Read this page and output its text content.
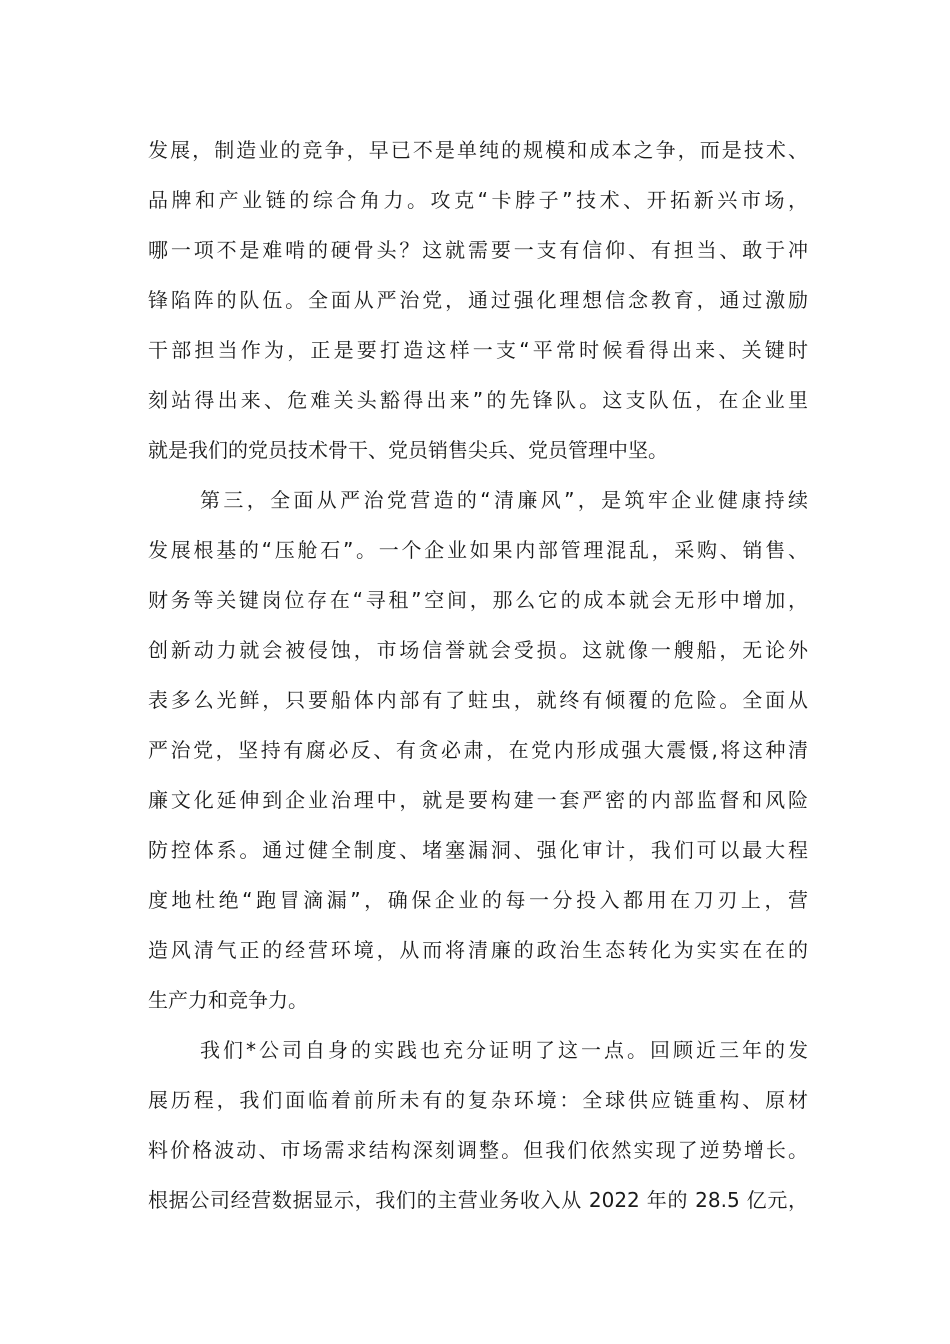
发展，制造业的竞争，早已不是单纯的规模和成本之争，而是技术、
品牌和产业链的综合角力。攻克“卡脖子”技术、开拓新兴市场，
哪一项不是难啃的硬骨头？这就需要一支有信仰、有担当、敢于冲
锋陷阵的队伍。全面从严治党，通过强化理想信念教育，通过激励
干部担当作为，正是要打造这样一支“平常时候看得出来、关键时
刻站得出来、危难关头豁得出来”的先锋队。这支队伍，在企业里
就是我们的党员技术骨干、党员销售尖兵、党员管理中坚。
第三，全面从严治党营造的“清廉风”，是筑牢企业健康持续
发展根基的“压舱石”。一个企业如果内部管理混乱，采购、销售、
财务等关键岗位存在“寻租”空间，那么它的成本就会无形中增加，
创新动力就会被侵蚀，市场信誉就会受损。这就像一艘船，无论外
表多么光鲜，只要船体内部有了蛀虫，就终有倾覆的危险。全面从
严治党，坚持有腐必反、有贪必肃，在党内形成强大震慑,将这种清
廉文化延伸到企业治理中，就是要构建一套严密的内部监督和风险
防控体系。通过健全制度、堵塞漏洞、强化审计，我们可以最大程
度地杜绝“跑冒滴漏”，确保企业的每一分投入都用在刀刃上，营
造风清气正的经营环境，从而将清廉的政治生态转化为实实在在的
生产力和竞争力。
我们*公司自身的实践也充分证明了这一点。回顾近三年的发
展历程，我们面临着前所未有的复杂环境：全球供应链重构、原材
料价格波动、市场需求结构深刻调整。但我们依然实现了逆势增长。
根据公司经营数据显示，我们的主营业务收入从 2022 年的 28.5 亿元，
